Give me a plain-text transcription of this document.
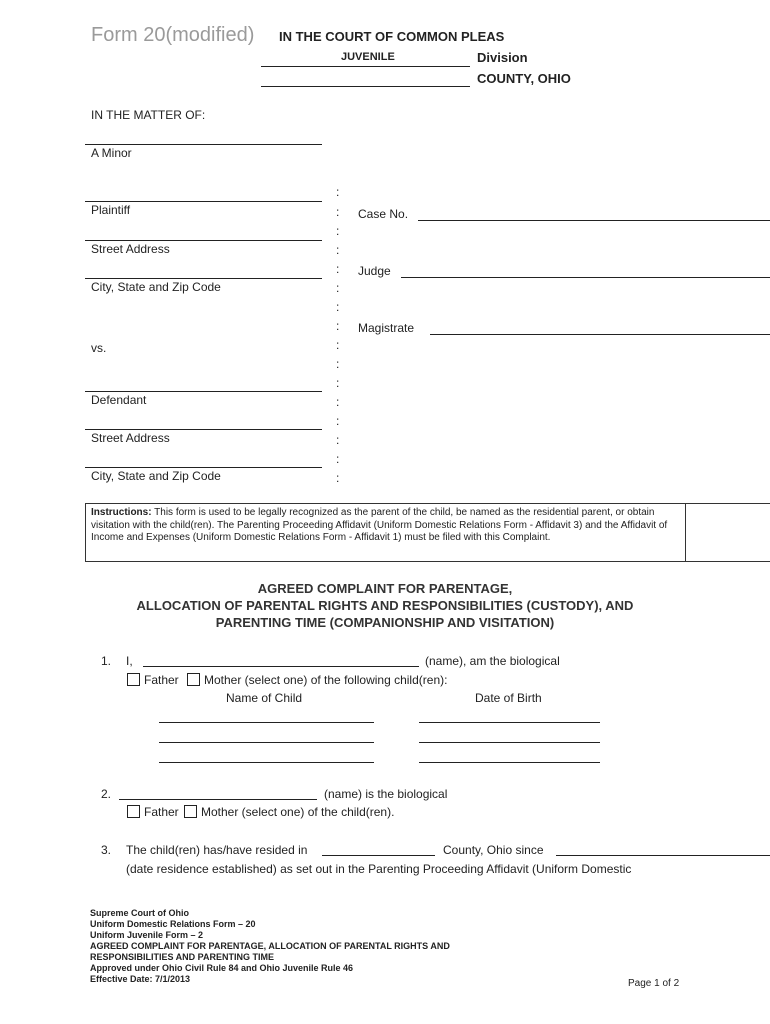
Form 20(modified) IN THE COURT OF COMMON PLEAS
JUVENILE	Division
COUNTY, OHIO
IN THE MATTER OF:
A Minor
Plaintiff
Street Address
City, State and Zip Code
vs.
Defendant
Street Address
City, State and Zip Code
:
:
:
:
:
:
:
:
:
:
:
:
:
:
:
:
Case No.
Judge
Magistrate
Instructions: This form is used to be legally recognized as the parent of the child, be named as the residential parent, or obtain visitation with the child(ren). The Parenting Proceeding Affidavit (Uniform Domestic Relations Form - Affidavit 3) and the Affidavit of Income and Expenses (Uniform Domestic Relations Form - Affidavit 1) must be filed with this Complaint.
AGREED COMPLAINT FOR PARENTAGE,
ALLOCATION OF PARENTAL RIGHTS AND RESPONSIBILITIES (CUSTODY), AND
PARENTING TIME (COMPANIONSHIP AND VISITATION)
1. I,	(name), am the biological
Father Mother (select one) of the following child(ren):
Name of Child	Date of Birth
2.	(name) is the biological
Father Mother (select one) of the child(ren).
3. The child(ren) has/have resided in	County, Ohio since
(date residence established) as set out in the Parenting Proceeding Affidavit (Uniform Domestic
Supreme Court of Ohio
Uniform Domestic Relations Form – 20
Uniform Juvenile Form – 2
AGREED COMPLAINT FOR PARENTAGE, ALLOCATION OF PARENTAL RIGHTS AND
RESPONSIBILITIES AND PARENTING TIME
Approved under Ohio Civil Rule 84 and Ohio Juvenile Rule 46
Effective Date: 7/1/2013	Page 1 of 2
